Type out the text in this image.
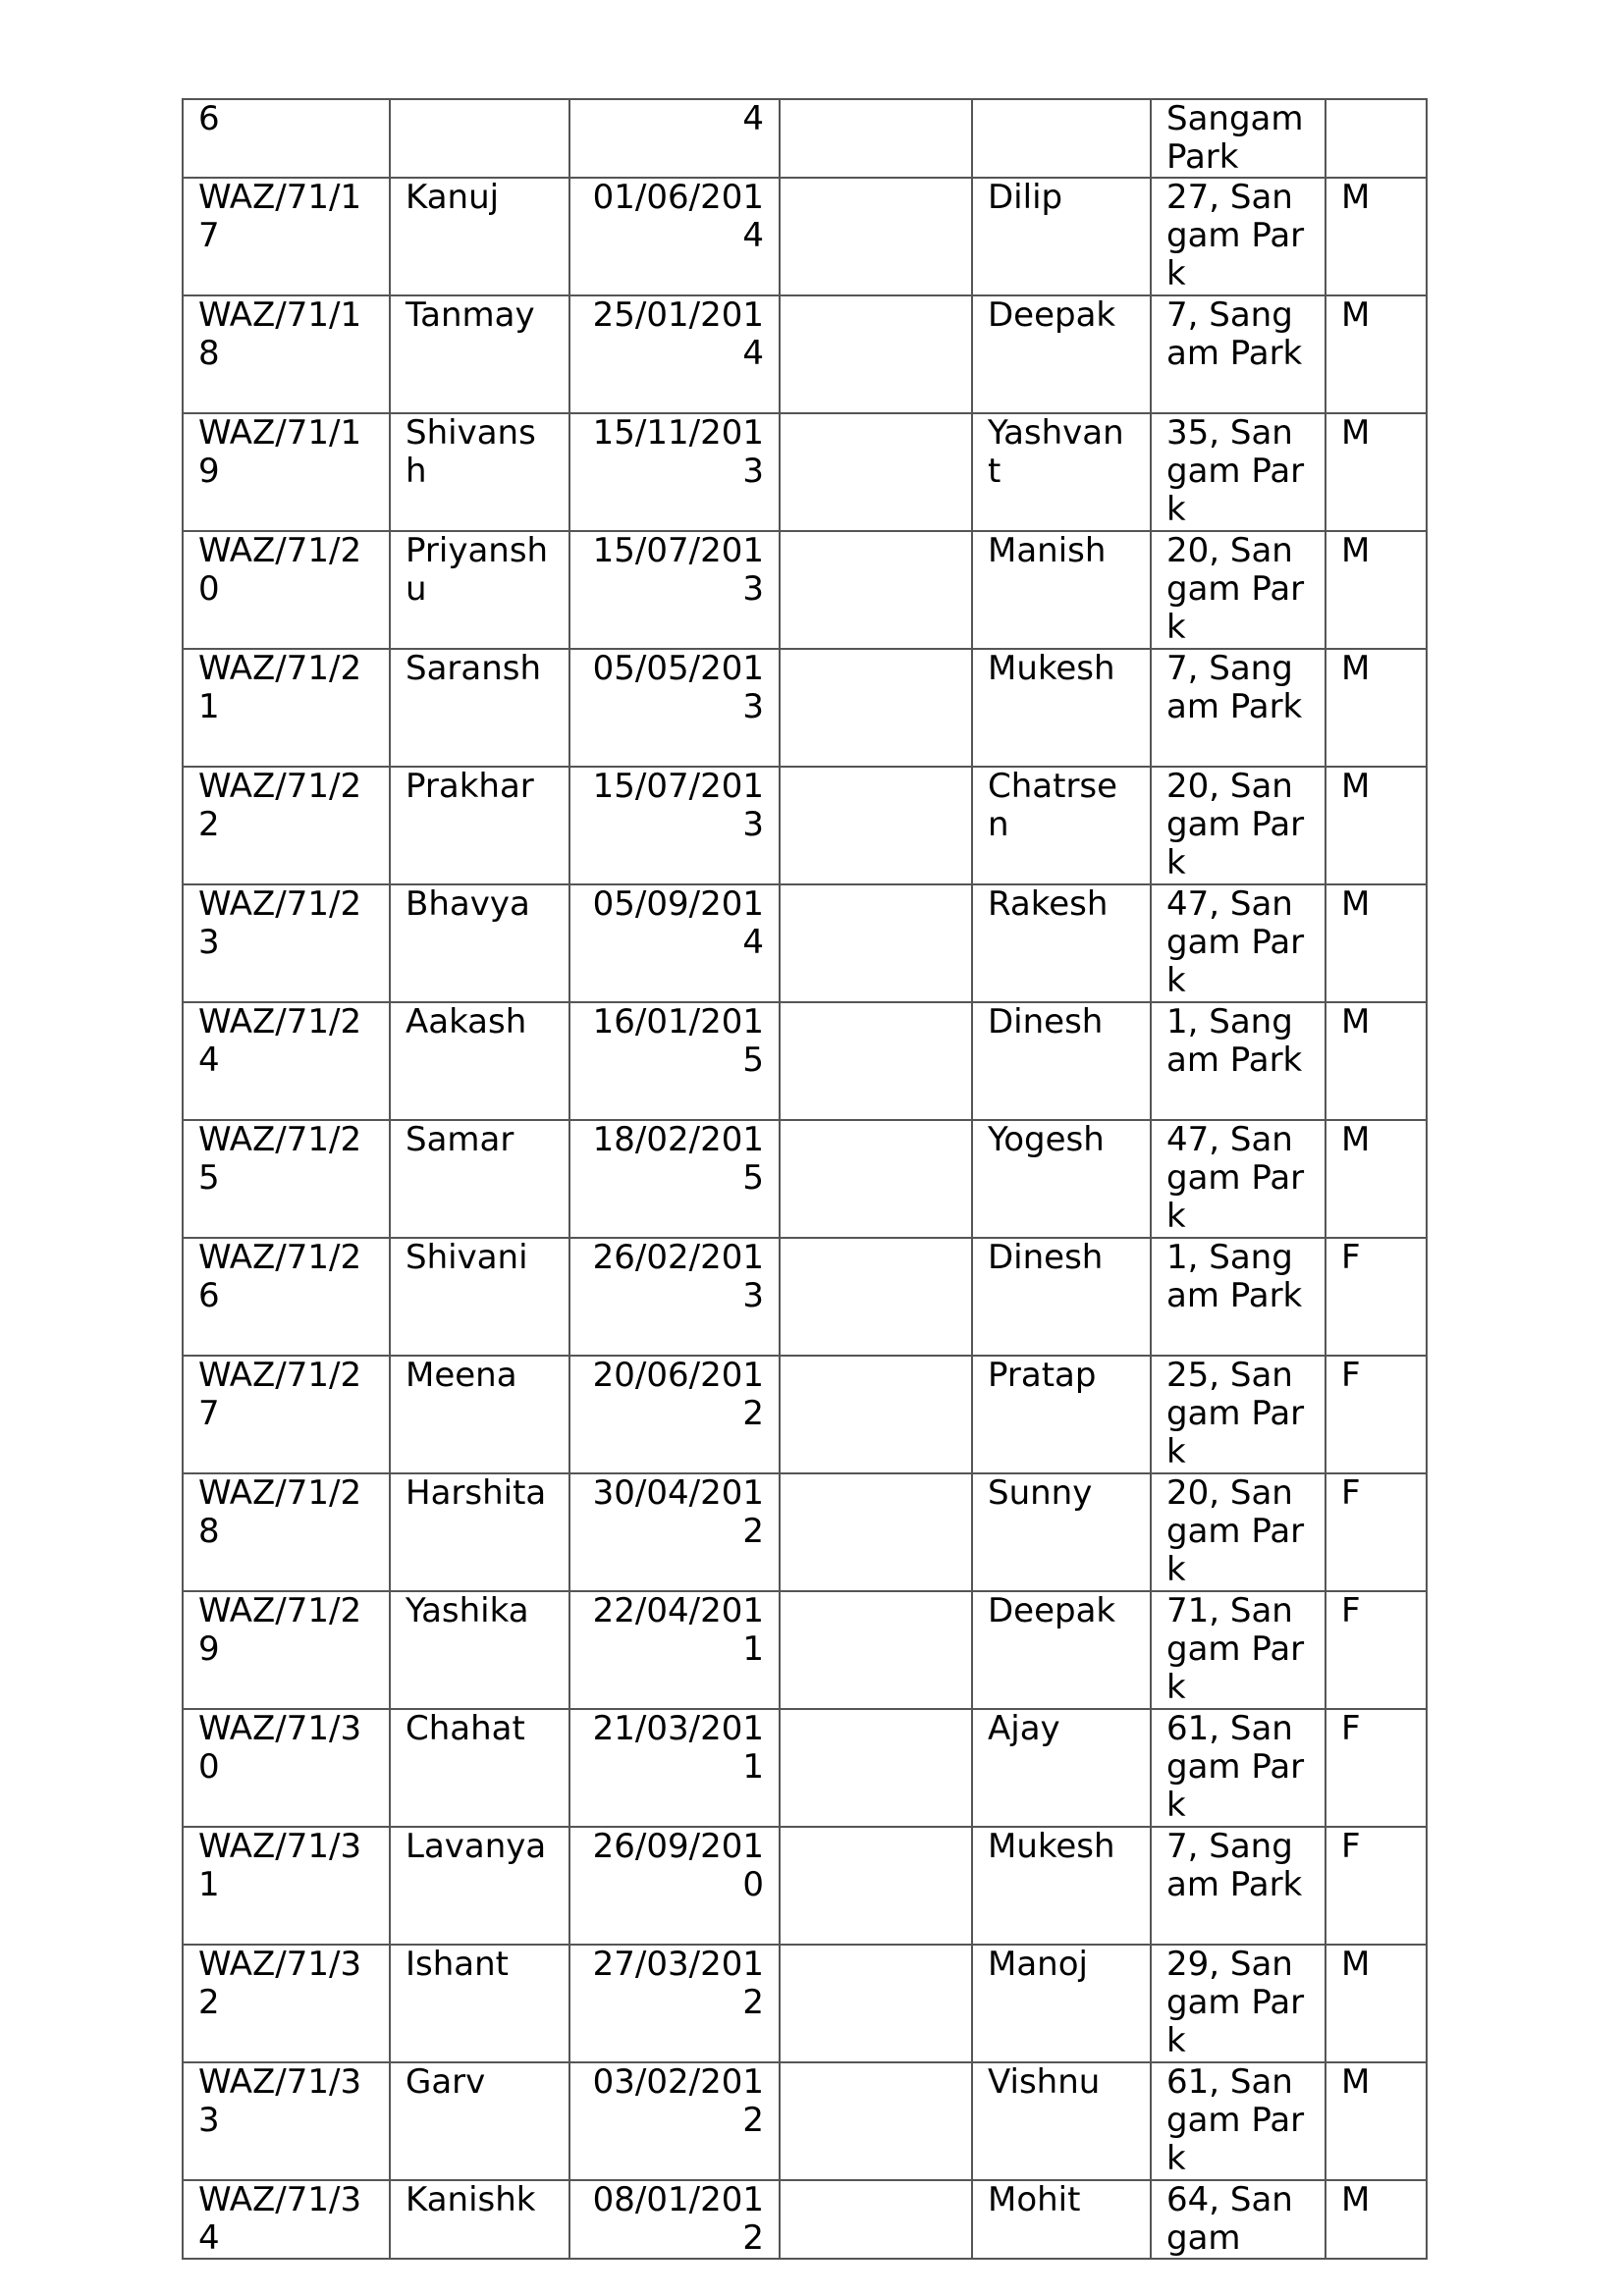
6		4			Sangam Park	
WAZ/71/17	Kanuj	01/06/2014		Dilip	27, Sangam Park	M
WAZ/71/18	Tanmay	25/01/2014		Deepak	7, Sangam Park	M
WAZ/71/19	Shivansh	15/11/2013		Yashvant	35, Sangam Park	M
WAZ/71/20	Priyanshu	15/07/2013		Manish	20, Sangam Park	M
WAZ/71/21	Saransh	05/05/2013		Mukesh	7, Sangam Park	M
WAZ/71/22	Prakhar	15/07/2013		Chatrsen	20, Sangam Park	M
WAZ/71/23	Bhavya	05/09/2014		Rakesh	47, Sangam Park	M
WAZ/71/24	Aakash	16/01/2015		Dinesh	1, Sangam Park	M
WAZ/71/25	Samar	18/02/2015		Yogesh	47, Sangam Park	M
WAZ/71/26	Shivani	26/02/2013		Dinesh	1, Sangam Park	F
WAZ/71/27	Meena	20/06/2012		Pratap	25, Sangam Park	F
WAZ/71/28	Harshita	30/04/2012		Sunny	20, Sangam Park	F
WAZ/71/29	Yashika	22/04/2011		Deepak	71, Sangam Park	F
WAZ/71/30	Chahat	21/03/2011		Ajay	61, Sangam Park	F
WAZ/71/31	Lavanya	26/09/2010		Mukesh	7, Sangam Park	F
WAZ/71/32	Ishant	27/03/2012		Manoj	29, Sangam Park	M
WAZ/71/33	Garv	03/02/2012		Vishnu	61, Sangam Park	M
WAZ/71/34	Kanishk	08/01/2012		Mohit	64, Sangam	M
